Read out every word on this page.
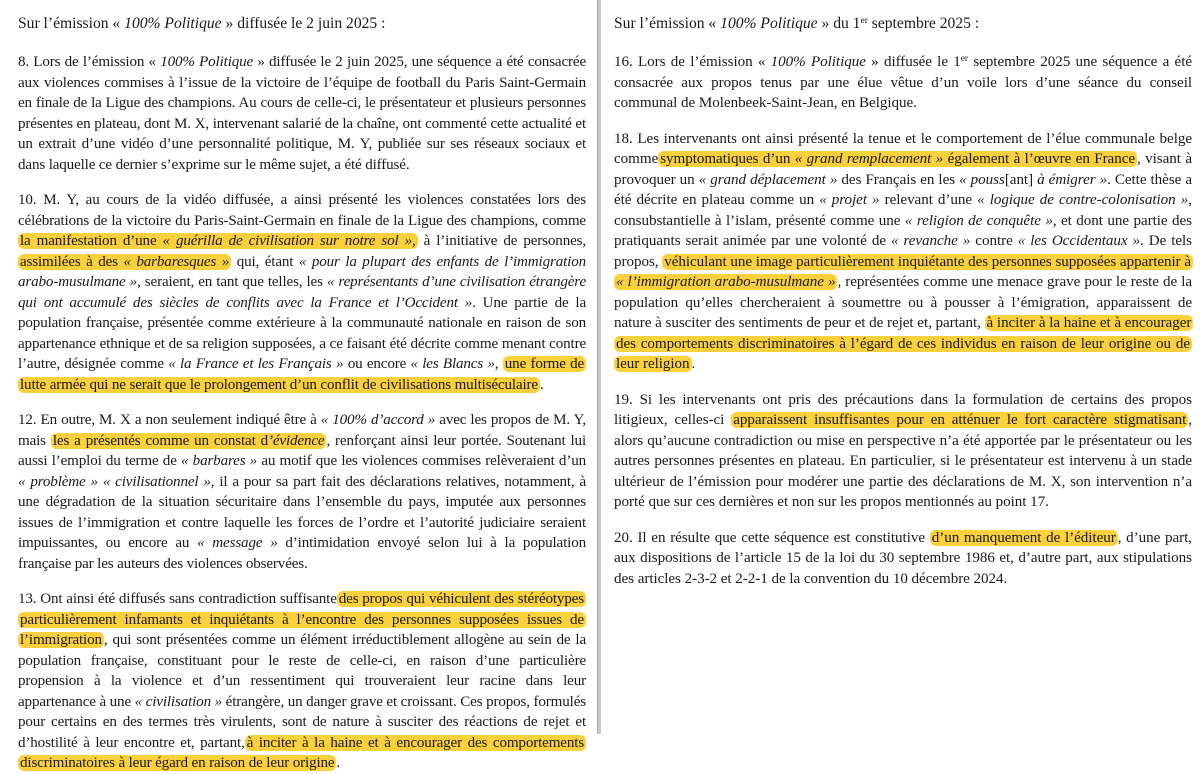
Sur l’émission « 100% Politique » diffusée le 2 juin 2025 :

8. Lors de l’émission « 100% Politique » diffusée le 2 juin 2025, une séquence a été consacrée aux violences commises à l’issue de la victoire de l’équipe de football du Paris Saint-Germain en finale de la Ligue des champions. Au cours de celle-ci, le présentateur et plusieurs personnes présentes en plateau, dont M. X, intervenant salarié de la chaîne, ont commenté cette actualité et un extrait d’une vidéo d’une personnalité politique, M. Y, publiée sur ses réseaux sociaux et dans laquelle ce dernier s’exprime sur le même sujet, a été diffusé.

10. M. Y, au cours de la vidéo diffusée, a ainsi présenté les violences constatées lors des célébrations de la victoire du Paris-Saint-Germain en finale de la Ligue des champions, comme la manifestation d’une « guérilla de civilisation sur notre sol », à l’initiative de personnes, assimilées à des « barbaresques » qui, étant « pour la plupart des enfants de l’immigration arabo-musulmane », seraient, en tant que telles, les « représentants d’une civilisation étrangère qui ont accumulé des siècles de conflits avec la France et l’Occident ». Une partie de la population française, présentée comme extérieure à la communauté nationale en raison de son appartenance ethnique et de sa religion supposées, a ce faisant été décrite comme menant contre l’autre, désignée comme « la France et les Français » ou encore « les Blancs », une forme de lutte armée qui ne serait que le prolongement d’un conflit de civilisations multiséculaire .

12. En outre, M. X a non seulement indiqué être à « 100% d’accord » avec les propos de M. Y, mais les a présentés comme un constat d’évidence , renforçant ainsi leur portée. Soutenant lui aussi l’emploi du terme de « barbares » au motif que les violences commises relèveraient d’un « problème » « civilisationnel », il a pour sa part fait des déclarations relatives, notamment, à une dégradation de la situation sécuritaire dans l’ensemble du pays, imputée aux personnes issues de l’immigration et contre laquelle les forces de l’ordre et l’autorité judiciaire seraient impuissantes, ou encore au « message » d’intimidation envoyé selon lui à la population française par les auteurs des violences observées.

13. Ont ainsi été diffusés sans contradiction suffisante des propos qui véhiculent des stéréotypes particulièrement infamants et inquiétants à l’encontre des personnes supposées issues de l’immigration , qui sont présentées comme un élément irréductiblement allogène au sein de la population française, constituant pour le reste de celle-ci, en raison d’une particulière propension à la violence et d’un ressentiment qui trouveraient leur racine dans leur appartenance à une « civilisation » étrangère, un danger grave et croissant. Ces propos, formulés pour certains en des termes très virulents, sont de nature à susciter des réactions de rejet et d’hostilité à leur encontre et, partant, à inciter à la haine et à encourager des comportements discriminatoires à leur égard en raison de leur origine .

Sur l’émission « 100% Politique » du 1er septembre 2025 :

16. Lors de l’émission « 100% Politique » diffusée le 1er septembre 2025 une séquence a été consacrée aux propos tenus par une élue vêtue d’un voile lors d’une séance du conseil communal de Molenbeek-Saint-Jean, en Belgique.

18. Les intervenants ont ainsi présenté la tenue et le comportement de l’élue communale belge comme symptomatiques d’un « grand remplacement » également à l’œuvre en France , visant à provoquer un « grand déplacement » des Français en les « pouss[ant] à émigrer ». Cette thèse a été décrite en plateau comme un « projet » relevant d’une « logique de contre-colonisation », consubstantielle à l’islam, présenté comme une « religion de conquête », et dont une partie des pratiquants serait animée par une volonté de « revanche » contre « les Occidentaux ». De tels propos, véhiculant une image particulièrement inquiétante des personnes supposées appartenir à « l’immigration arabo-musulmane » , représentées comme une menace grave pour le reste de la population qu’elles chercheraient à soumettre ou à pousser à l’émigration, apparaissent de nature à susciter des sentiments de peur et de rejet et, partant, à inciter à la haine et à encourager des comportements discriminatoires à l’égard de ces individus en raison de leur origine ou de leur religion .

19. Si les intervenants ont pris des précautions dans la formulation de certains des propos litigieux, celles-ci apparaissent insuffisantes pour en atténuer le fort caractère stigmatisant , alors qu’aucune contradiction ou mise en perspective n’a été apportée par le présentateur ou les autres personnes présentes en plateau. En particulier, si le présentateur est intervenu à un stade ultérieur de l’émission pour modérer une partie des déclarations de M. X, son intervention n’a porté que sur ces dernières et non sur les propos mentionnés au point 17.

20. Il en résulte que cette séquence est constitutive d’un manquement de l’éditeur , d’une part, aux dispositions de l’article 15 de la loi du 30 septembre 1986 et, d’autre part, aux stipulations des articles 2-3-2 et 2-2-1 de la convention du 10 décembre 2024.
